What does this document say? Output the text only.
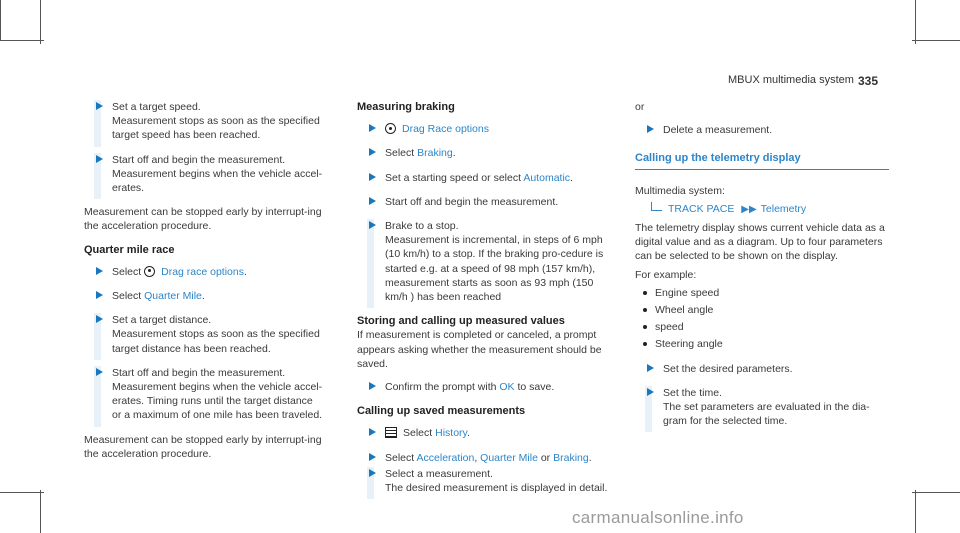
MBUX multimedia system 335
Set a target speed.
Measurement stops as soon as the specified target speed has been reached.
Start off and begin the measurement.
Measurement begins when the vehicle accel-erates.

Measurement can be stopped early by interrupt-ing the acceleration procedure.

Quarter mile race

Select Drag race options.
Select Quarter Mile.
Set a target distance.
Measurement stops as soon as the specified target distance has been reached.
Start off and begin the measurement.
Measurement begins when the vehicle accel-erates. Timing runs until the target distance or a maximum of one mile has been traveled.

Measurement can be stopped early by interrupt-ing the acceleration procedure.

Measuring braking

Drag Race options
Select Braking.
Set a starting speed or select Automatic.
Start off and begin the measurement.
Brake to a stop.
Measurement is incremental, in steps of 6 mph (10 km/h) to a stop. If the braking pro-cedure is started e.g. at a speed of 98 mph (157 km/h), measurement starts as soon as 93 mph (150 km/h ) has been reached

Storing and calling up measured values

If measurement is completed or canceled, a prompt appears asking whether the measurement should be saved.

Confirm the prompt with OK to save.

Calling up saved measurements

Select History.
Select Acceleration, Quarter Mile or Braking.
Select a measurement.
The desired measurement is displayed in detail.

or

Delete a measurement.

Calling up the telemetry display

Multimedia system:

TRACK PACE ▶▶ Telemetry

The telemetry display shows current vehicle data as a digital value and as a diagram. Up to four parameters can be selected to be shown on the display.

For example:

Engine speed
Wheel angle
speed
Steering angle
Set the desired parameters.
Set the time.
The set parameters are evaluated in the dia-gram for the selected time.
carmanualsonline.info
